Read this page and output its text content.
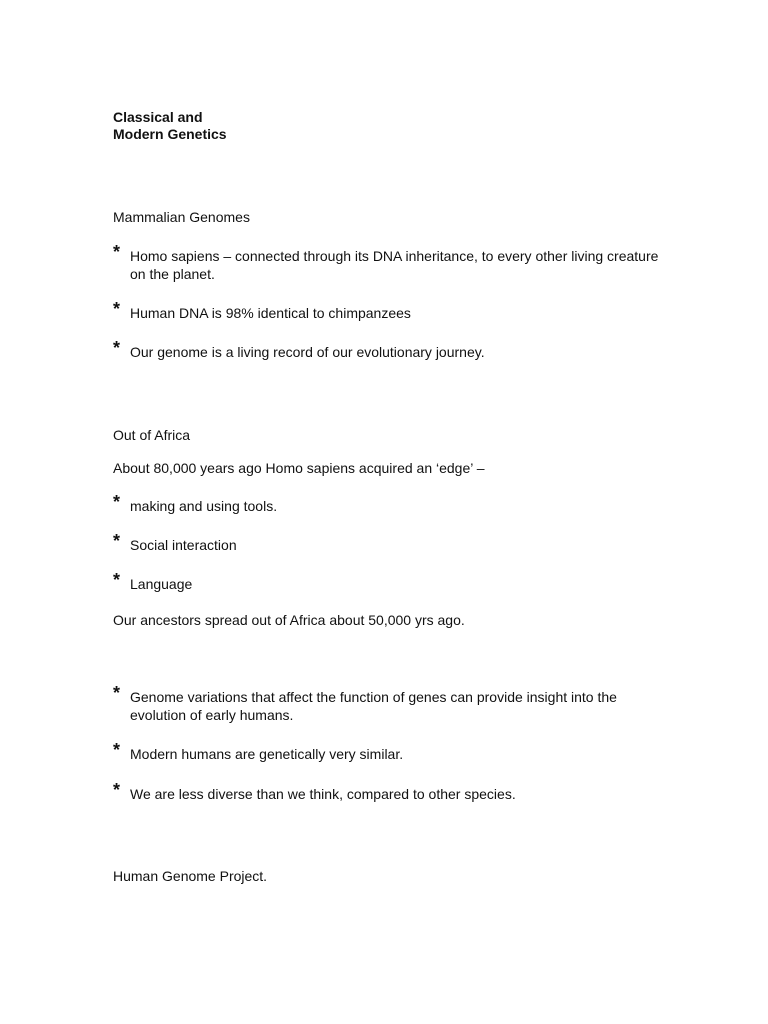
Classical and
Modern Genetics
Mammalian Genomes
* Homo sapiens – connected through its DNA inheritance, to every other living creature on the planet.
* Human DNA is 98% identical to chimpanzees
* Our genome is a living record of our evolutionary journey.
Out of Africa
About 80,000 years ago Homo sapiens acquired an ‘edge’ –
* making and using tools.
* Social interaction
* Language
Our ancestors spread out of Africa about 50,000 yrs ago.
* Genome variations that affect the function of genes can provide insight into the evolution of early humans.
* Modern humans are genetically very similar.
* We are less diverse than we think, compared to other species.
Human Genome Project.
